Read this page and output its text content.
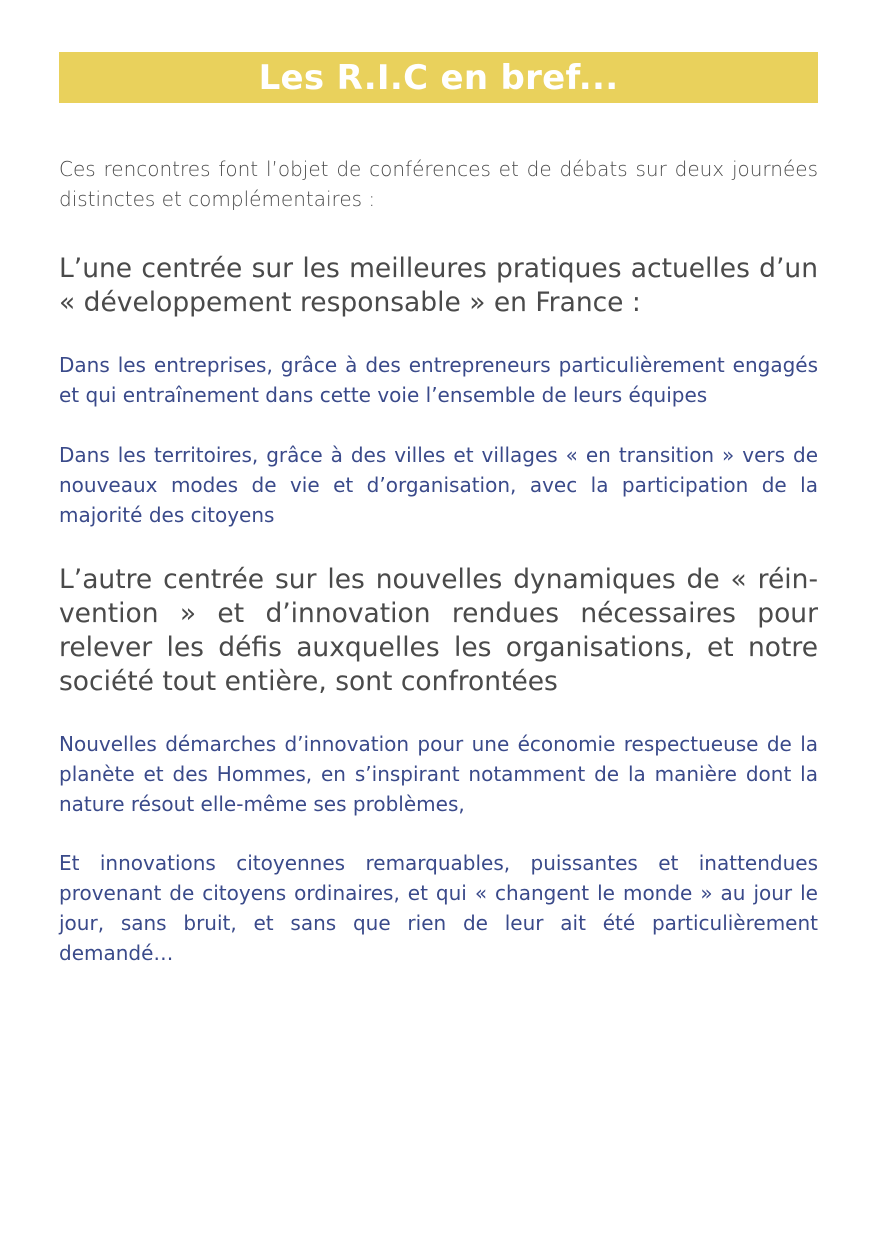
Les R.I.C en bref...

Ces rencontres font l’objet de conférences et de débats sur deux journées distinctes et complémentaires :

L’une centrée sur les meilleures pratiques actuelles d’un « développement responsable » en France :

Dans les entreprises, grâce à des entrepreneurs particulièrement engagés et qui entraînement dans cette voie l’ensemble de leurs équipes

Dans les territoires, grâce à des villes et villages « en transition » vers de nouveaux modes de vie et d’organisation, avec la participation de la majorité des citoyens

L’autre centrée sur les nouvelles dynamiques de « réinvention » et d’innovation rendues nécessaires pour relever les défis auxquelles les organisations, et notre société tout entière, sont confrontées

Nouvelles démarches d’innovation pour une économie respectueuse de la planète et des Hommes, en s’inspirant notamment de la manière dont la nature résout elle-même ses problèmes,

Et innovations citoyennes remarquables, puissantes et inattendues provenant de citoyens ordinaires, et qui « changent le monde » au jour le jour, sans bruit, et sans que rien de leur ait été particulièrement demandé…
